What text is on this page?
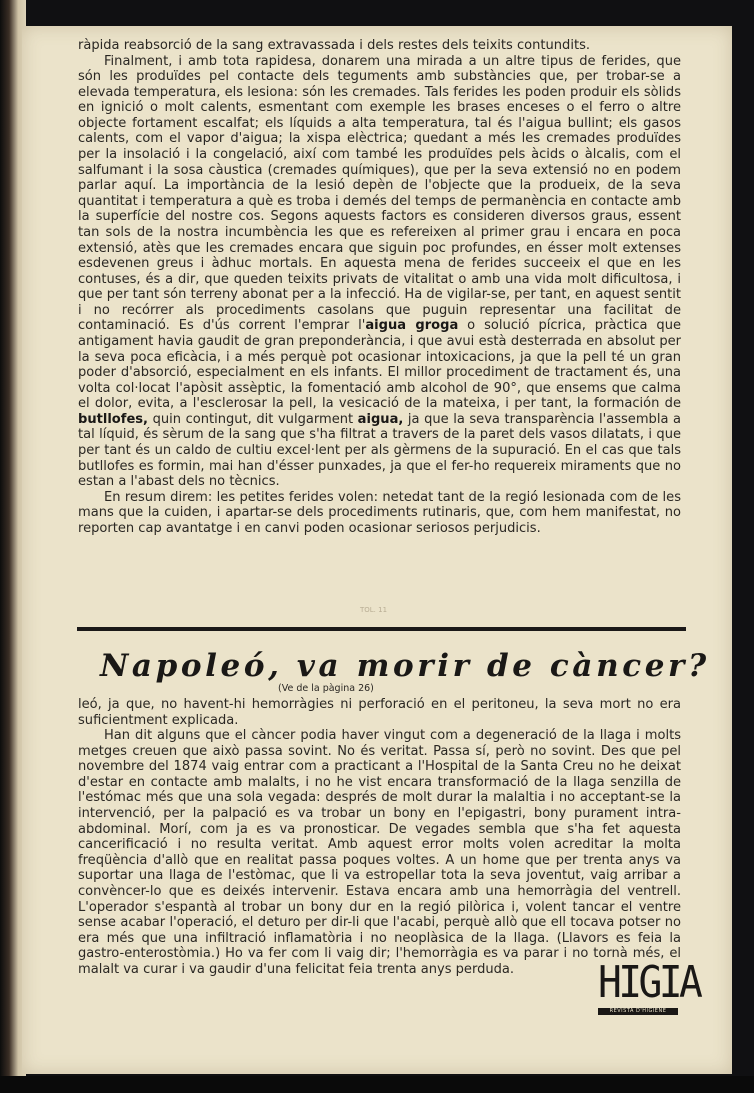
ràpida reabsorció de la sang extravassada i dels restes dels teixits contundits.

Finalment, i amb tota rapidesa, donarem una mirada a un altre tipus de ferides, que són les produïdes pel contacte dels teguments amb substàncies que, per trobar-se a elevada temperatura, els lesiona: són les cremades. Tals ferides les poden produir els sòlids en ignició o molt calents, esmentant com exemple les brases enceses o el ferro o altre objecte fortament escalfat; els líquids a alta temperatura, tal és l'aigua bullint; els gasos calents, com el vapor d'aigua; la xispa elèctrica; quedant a més les cremades produïdes per la insolació i la congelació, així com també les produïdes pels àcids o àlcalis, com el salfumant i la sosa càustica (cremades químiques), que per la seva extensió no en podem parlar aquí. La importància de la lesió depèn de l'objecte que la produeix, de la seva quantitat i temperatura a què es troba i demés del temps de permanència en contacte amb la superfície del nostre cos. Segons aquests factors es consideren diversos graus, essent tan sols de la nostra incumbència les que es refereixen al primer grau i encara en poca extensió, atès que les cremades encara que siguin poc profundes, en ésser molt extenses esdevenen greus i àdhuc mortals. En aquesta mena de ferides succeeix el que en les contuses, és a dir, que queden teixits privats de vitalitat o amb una vida molt dificultosa, i que per tant són terreny abonat per a la infecció. Ha de vigilar-se, per tant, en aquest sentit i no recórrer als procediments casolans que puguin representar una facilitat de contaminació. Es d'ús corrent l'emprar l'aigua groga o solució pícrica, pràctica que antigament havia gaudit de gran preponderància, i que avui està desterrada en absolut per la seva poca eficàcia, i a més perquè pot ocasionar intoxicacions, ja que la pell té un gran poder d'absorció, especialment en els infants. El millor procediment de tractament és, una volta col·locat l'apòsit assèptic, la fomentació amb alcohol de 90°, que ensems que calma el dolor, evita, a l'esclerosar la pell, la vesicació de la mateixa, i per tant, la formación de butllofes, quin contingut, dit vulgarment aigua, ja que la seva transparència l'assembla a tal líquid, és sèrum de la sang que s'ha filtrat a travers de la paret dels vasos dilatats, i que per tant és un caldo de cultiu excel·lent per als gèrmens de la supuració. En el cas que tals butllofes es formin, mai han d'ésser punxades, ja que el fer-ho requereix miraments que no estan a l'abast dels no tècnics.

En resum direm: les petites ferides volen: netedat tant de la regió lesionada com de les mans que la cuiden, i apartar-se dels procediments rutinaris, que, com hem manifestat, no reporten cap avantatge i en canvi poden ocasionar seriosos perjudicis.

TOL. 11
Napoleó, va morir de càncer?
(Ve de la pàgina 26)

leó, ja que, no havent-hi hemorràgies ni perforació en el peritoneu, la seva mort no era suficientment explicada.

Han dit alguns que el càncer podia haver vingut com a degeneració de la llaga i molts metges creuen que això passa sovint. No és veritat. Passa sí, però no sovint. Des que pel novembre del 1874 vaig entrar com a practicant a l'Hospital de la Santa Creu no he deixat d'estar en contacte amb malalts, i no he vist encara transformació de la llaga senzilla de l'estómac més que una sola vegada: després de molt durar la malaltia i no acceptant-se la intervenció, per la palpació es va trobar un bony en l'epigastri, bony purament intra-abdominal. Morí, com ja es va pronosticar. De vegades sembla que s'ha fet aquesta cancerificació i no resulta veritat. Amb aquest error molts volen acreditar la molta freqüència d'allò que en realitat passa poques voltes. A un home que per trenta anys va suportar una llaga de l'estòmac, que li va estropellar tota la seva joventut, vaig arribar a convèncer-lo que es deixés intervenir. Estava encara amb una hemorràgia del ventrell. L'operador s'espantà al trobar un bony dur en la regió pilòrica i, volent tancar el ventre sense acabar l'operació, el deturo per dir-li que l'acabi, perquè allò que ell tocava potser no era més que una infiltració inflamatòria i no neoplàsica de la llaga. (Llavors es feia la gastro-enterostòmia.) Ho va fer com li vaig dir; l'hemorràgia es va parar i no tornà més, el malalt va curar i va gaudir d'una felicitat feia trenta anys perduda.	HIGIA
REVISTA D'HIGIENE
